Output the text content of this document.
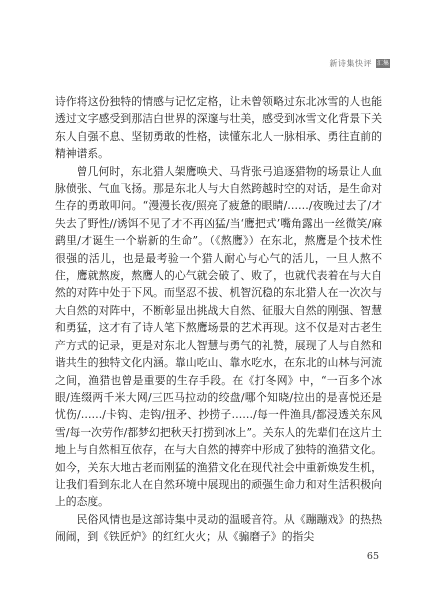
新诗集快评 汇集

诗作将这份独特的情感与记忆定格，让未曾领略过东北冰雪的人也能透过文字感受到那洁白世界的深邃与壮美，感受到冰雪文化背景下关东人自强不息、坚韧勇敢的性格，读懂东北人一脉相承、勇往直前的精神谱系。

曾几何时，东北猎人架鹰唤犬、马背张弓追逐猎物的场景让人血脉偾张、气血飞扬。那是东北人与大自然跨越时空的对话，是生命对生存的勇敢叩问。“漫漫长夜/照亮了疲惫的眼睛/……/夜晚过去了/才失去了野性//诱饵不见了才不再凶猛/当‘鹰把式’嘴角露出一丝微笑/麻鹞里/才诞生一个崭新的生命”。（《熬鹰》）在东北，熬鹰是个技术性很强的活儿，也是最考验一个猎人耐心与心气的活儿，一旦人熬不住，鹰就熬废，熬鹰人的心气就会破了、败了，也就代表着在与大自然的对阵中处于下风。而坚忍不拔、机智沉稳的东北猎人在一次次与大自然的对阵中，不断彰显出挑战大自然、征服大自然的刚强、智慧和勇猛，这才有了诗人笔下熬鹰场景的艺术再现。这不仅是对古老生产方式的记录，更是对东北人智慧与勇气的礼赞，展现了人与自然和谐共生的独特文化内涵。靠山吃山、靠水吃水，在东北的山林与河流之间，渔猎也曾是重要的生存手段。在《打冬网》中，“一百多个冰眼/连缀两千米大网/三匹马拉动的绞盘/哪个知晓/拉出的是喜悦还是忧伤/……/卡钩、走钩/扭矛、抄捞子……/每一件渔具/都浸透关东风雪/每一次劳作/都梦幻把秋天打捞到冰上”。关东人的先辈们在这片土地上与自然相互依存，在与大自然的搏弈中形成了独特的渔猎文化。如今，关东大地古老而刚猛的渔猎文化在现代社会中重新焕发生机，让我们看到东北人在自然环境中展现出的顽强生命力和对生活积极向上的态度。

民俗风情也是这部诗集中灵动的温暖音符。从《蹦蹦戏》的热热闹闹，到《铁匠炉》的红红火火；从《骟磨子》的指尖

65
